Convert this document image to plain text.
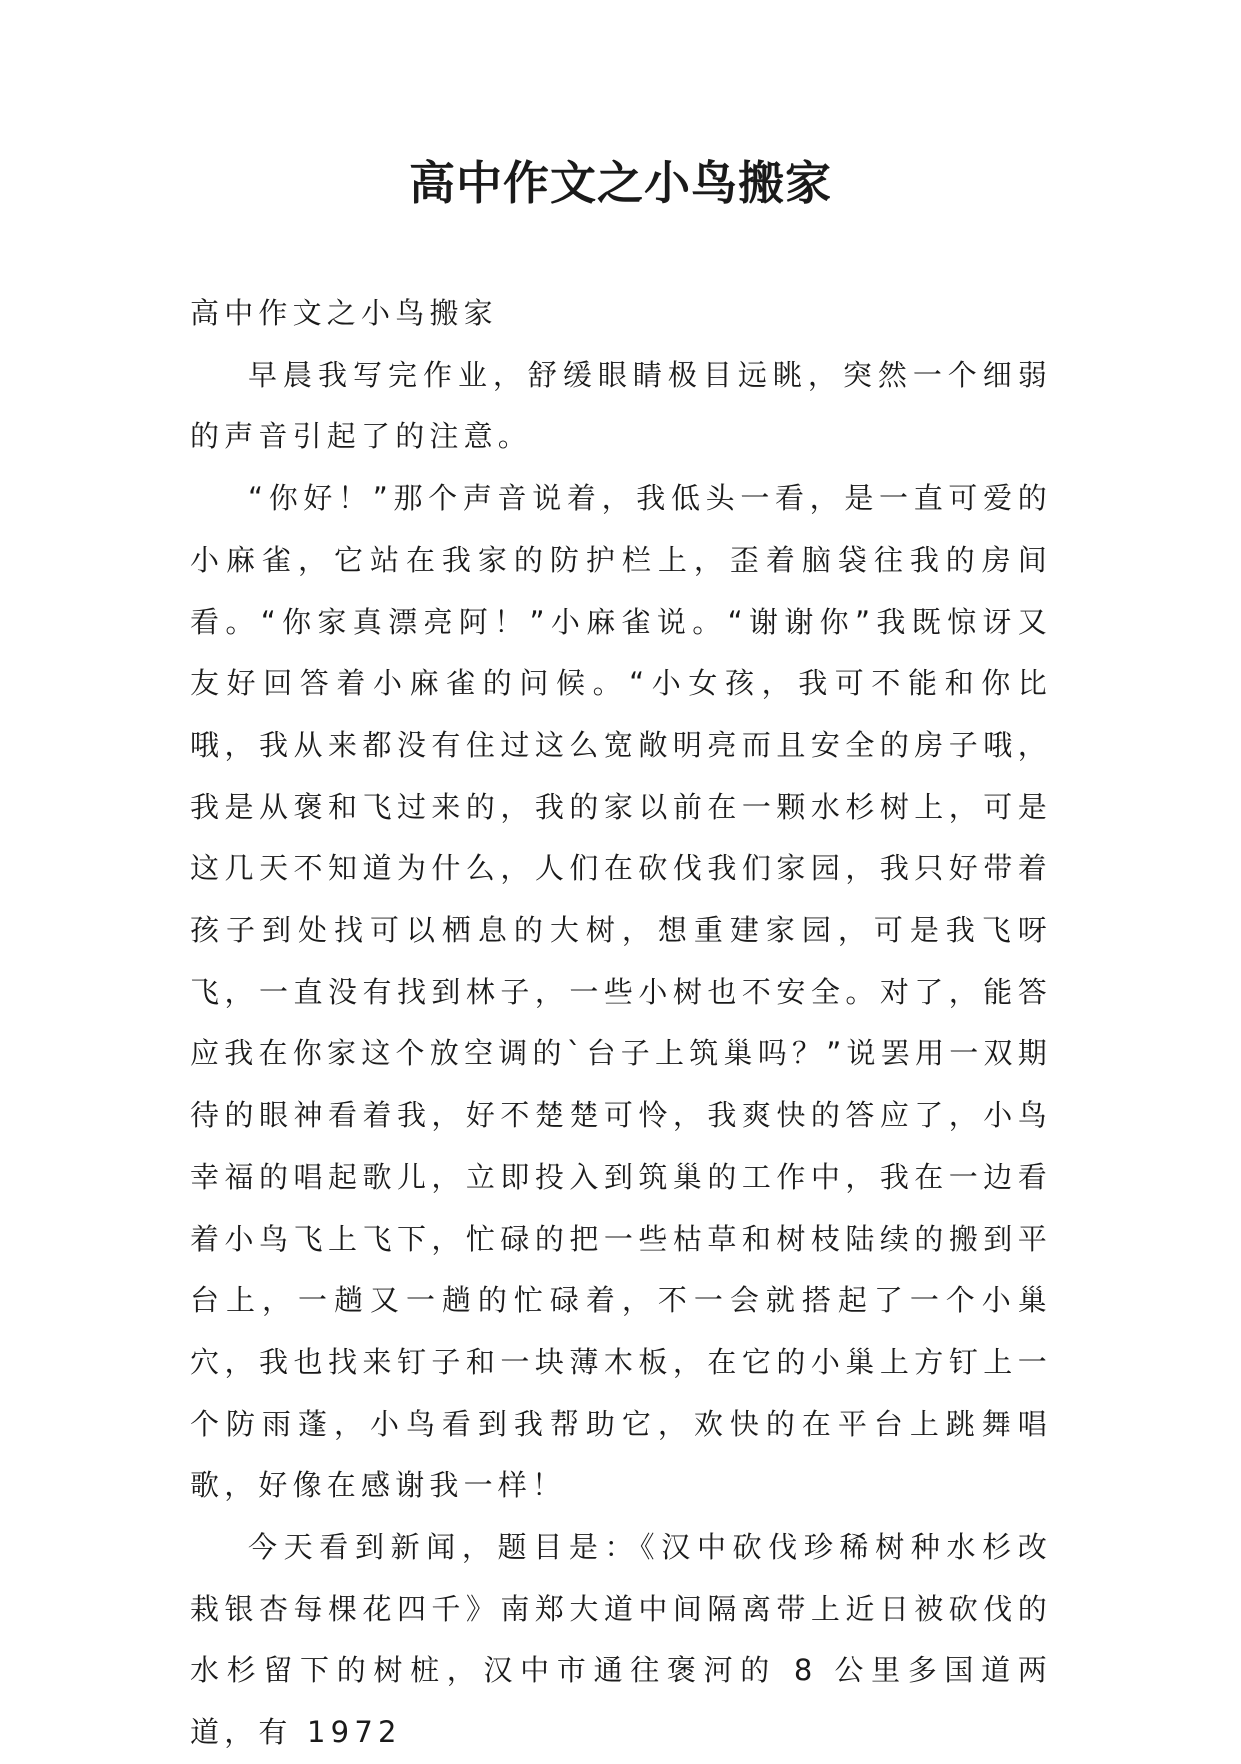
高中作文之小鸟搬家

高中作文之小鸟搬家

早晨我写完作业，舒缓眼睛极目远眺，突然一个细弱的声音引起了的注意。

“你好！”那个声音说着，我低头一看，是一直可爱的小麻雀，它站在我家的防护栏上，歪着脑袋往我的房间看。“你家真漂亮阿！”小麻雀说。“谢谢你”我既惊讶又友好回答着小麻雀的问候。“小女孩，我可不能和你比哦，我从来都没有住过这么宽敞明亮而且安全的房子哦，我是从褒和飞过来的，我的家以前在一颗水杉树上，可是这几天不知道为什么，人们在砍伐我们家园，我只好带着孩子到处找可以栖息的大树，想重建家园，可是我飞呀飞，一直没有找到林子，一些小树也不安全。对了，能答应我在你家这个放空调的`台子上筑巢吗？”说罢用一双期待的眼神看着我，好不楚楚可怜，我爽快的答应了，小鸟幸福的唱起歌儿，立即投入到筑巢的工作中，我在一边看着小鸟飞上飞下，忙碌的把一些枯草和树枝陆续的搬到平台上，一趟又一趟的忙碌着，不一会就搭起了一个小巢穴，我也找来钉子和一块薄木板，在它的小巢上方钉上一个防雨蓬，小鸟看到我帮助它，欢快的在平台上跳舞唱歌，好像在感谢我一样！

今天看到新闻，题目是：《汉中砍伐珍稀树种水杉改栽银杏每棵花四千》南郑大道中间隔离带上近日被砍伐的水杉留下的树桩，汉中市通往褒河的 8 公里多国道两道，有 1972
